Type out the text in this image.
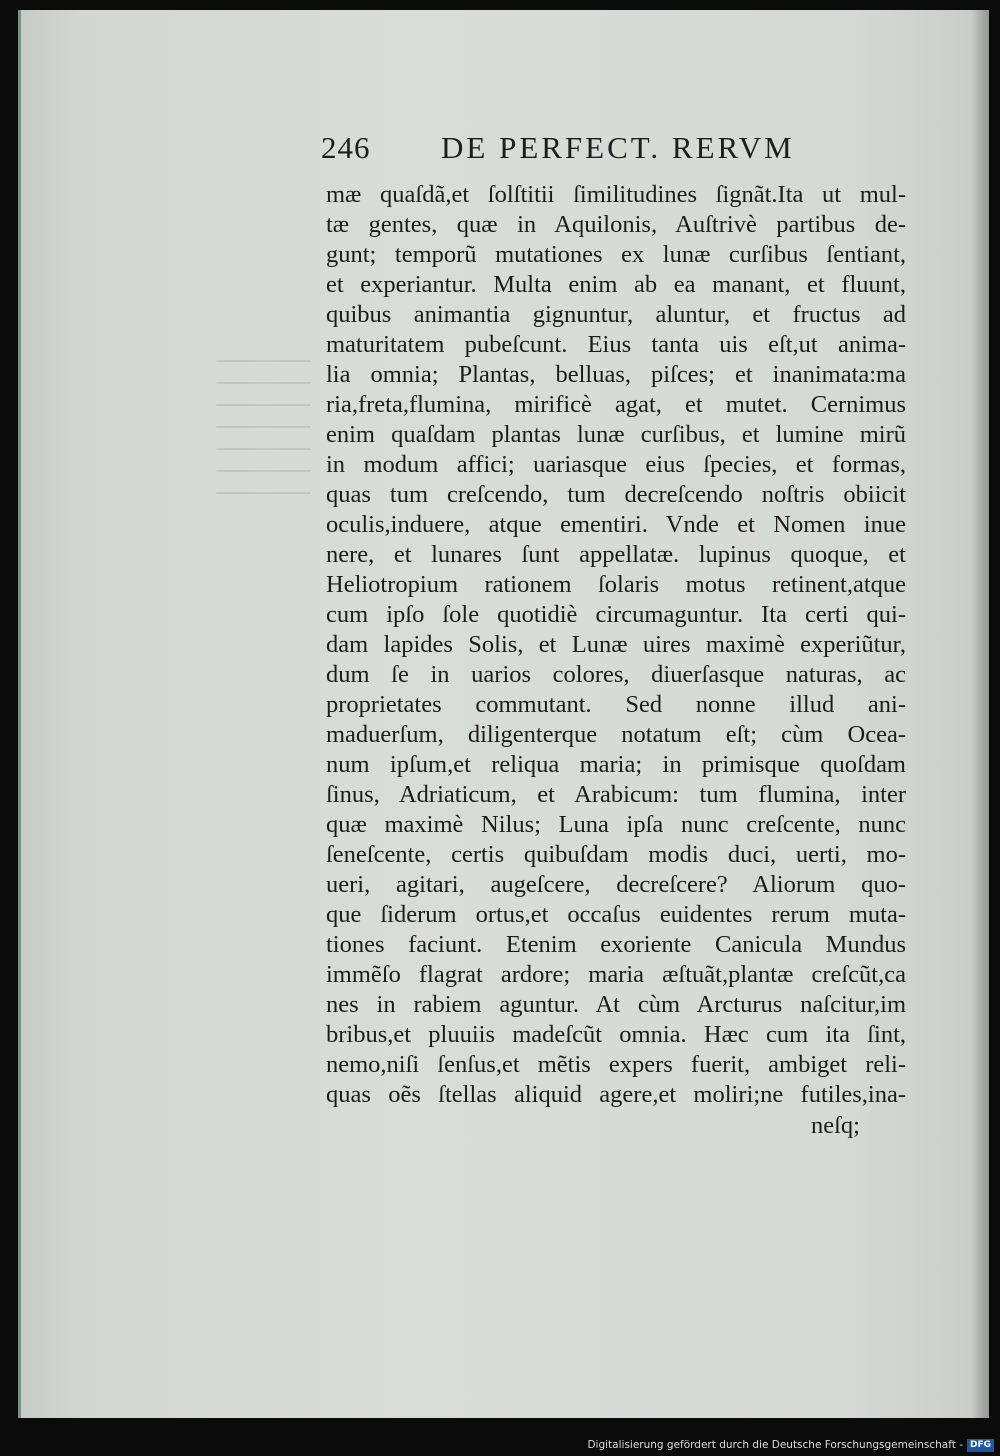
246 DE PERFECT. RERVM
mæ quaſdã,et ſolſtitii ſimilitudines ſignãt.Ita ut mul-
tæ gentes, quæ in Aquilonis, Auſtrivè partibus de-
gunt; temporũ mutationes ex lunæ curſibus ſentiant,
et experiantur. Multa enim ab ea manant, et fluunt,
quibus animantia gignuntur, aluntur, et fructus ad
maturitatem pubeſcunt. Eius tanta uis eſt,ut anima-
lia omnia; Plantas, belluas, piſces; et inanimata:ma
ria,freta,flumina, mirificè agat, et mutet. Cernimus
enim quaſdam plantas lunæ curſibus, et lumine mirũ
in modum affici; uariasque eius ſpecies, et formas,
quas tum creſcendo, tum decreſcendo noſtris obiicit
oculis,induere, atque ementiri. Vnde et Nomen inue
nere, et lunares ſunt appellatæ. lupinus quoque, et
Heliotropium rationem ſolaris motus retinent,atque
cum ipſo ſole quotidiè circumaguntur. Ita certi qui-
dam lapides Solis, et Lunæ uires maximè experiũtur,
dum ſe in uarios colores, diuerſasque naturas, ac
proprietates commutant. Sed nonne illud ani-
maduerſum, diligenterque notatum eſt; cùm Ocea-
num ipſum,et reliqua maria; in primisque quoſdam
ſinus, Adriaticum, et Arabicum: tum flumina, inter
quæ maximè Nilus; Luna ipſa nunc creſcente, nunc
ſeneſcente, certis quibuſdam modis duci, uerti, mo-
ueri, agitari, augeſcere, decreſcere? Aliorum quo-
que ſiderum ortus,et occaſus euidentes rerum muta-
tiones faciunt. Etenim exoriente Canicula Mundus
immẽſo flagrat ardore; maria æſtuãt,plantæ creſcũt,ca
nes in rabiem aguntur. At cùm Arcturus naſcitur,im
bribus,et pluuiis madeſcũt omnia. Hæc cum ita ſint,
nemo,niſi ſenſus,et mẽtis expers fuerit, ambiget reli-
quas oẽs ſtellas aliquid agere,et moliri;ne futiles,ina-
neſq;
Digitalisierung gefördert durch die Deutsche Forschungsgemeinschaft - DFG
